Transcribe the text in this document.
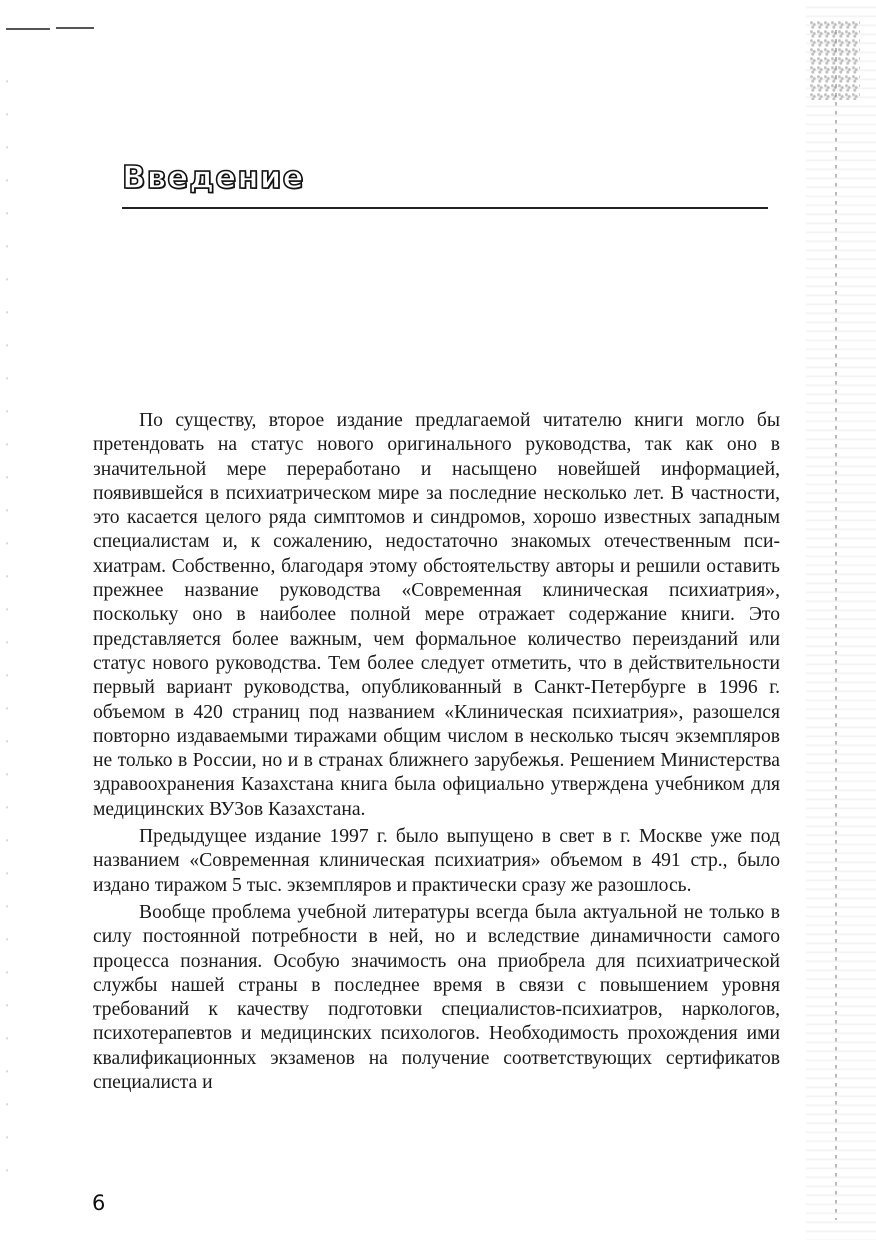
Введение

По существу, второе издание предлагаемой читателю книги могло бы претендовать на статус нового оригинального руководства, так как оно в значительной мере переработано и насыщено новейшей информацией, появившейся в психиатрическом мире за последние несколько лет. В частности, это касается целого ряда симптомов и синдромов, хорошо известных западным специалистам и, к сожалению, недостаточно знакомых отечественным психиатрам. Собственно, благодаря этому обстоятельству авторы и решили оставить прежнее название руководства «Современная клиническая психиатрия», поскольку оно в наиболее полной мере отражает содержание книги. Это представляется более важным, чем формальное количество переизданий или статус нового руководства. Тем более следует отметить, что в действительности первый вариант руководства, опубликованный в Санкт-Петербурге в 1996 г. объемом в 420 страниц под названием «Клиническая психиатрия», разошелся повторно издаваемыми тиражами общим числом в несколько тысяч экземпляров не только в России, но и в странах ближнего зарубежья. Решением Министерства здравоохранения Казахстана книга была официально утверждена учебником для медицинских ВУЗов Казахстана.

Предыдущее издание 1997 г. было выпущено в свет в г. Москве уже под названием «Современная клиническая психиатрия» объемом в 491 стр., было издано тиражом 5 тыс. экземпляров и практически сразу же разошлось.

Вообще проблема учебной литературы всегда была актуальной не только в силу постоянной потребности в ней, но и вследствие динамичности самого процесса познания. Особую значимость она приобрела для психиатрической службы нашей страны в последнее время в связи с повышением уровня требований к качеству подготовки специалистов-психиатров, наркологов, психотерапевтов и медицинских психологов. Необходимость прохождения ими квалификационных экзаменов на получение соответствующих сертификатов специалиста и

6
